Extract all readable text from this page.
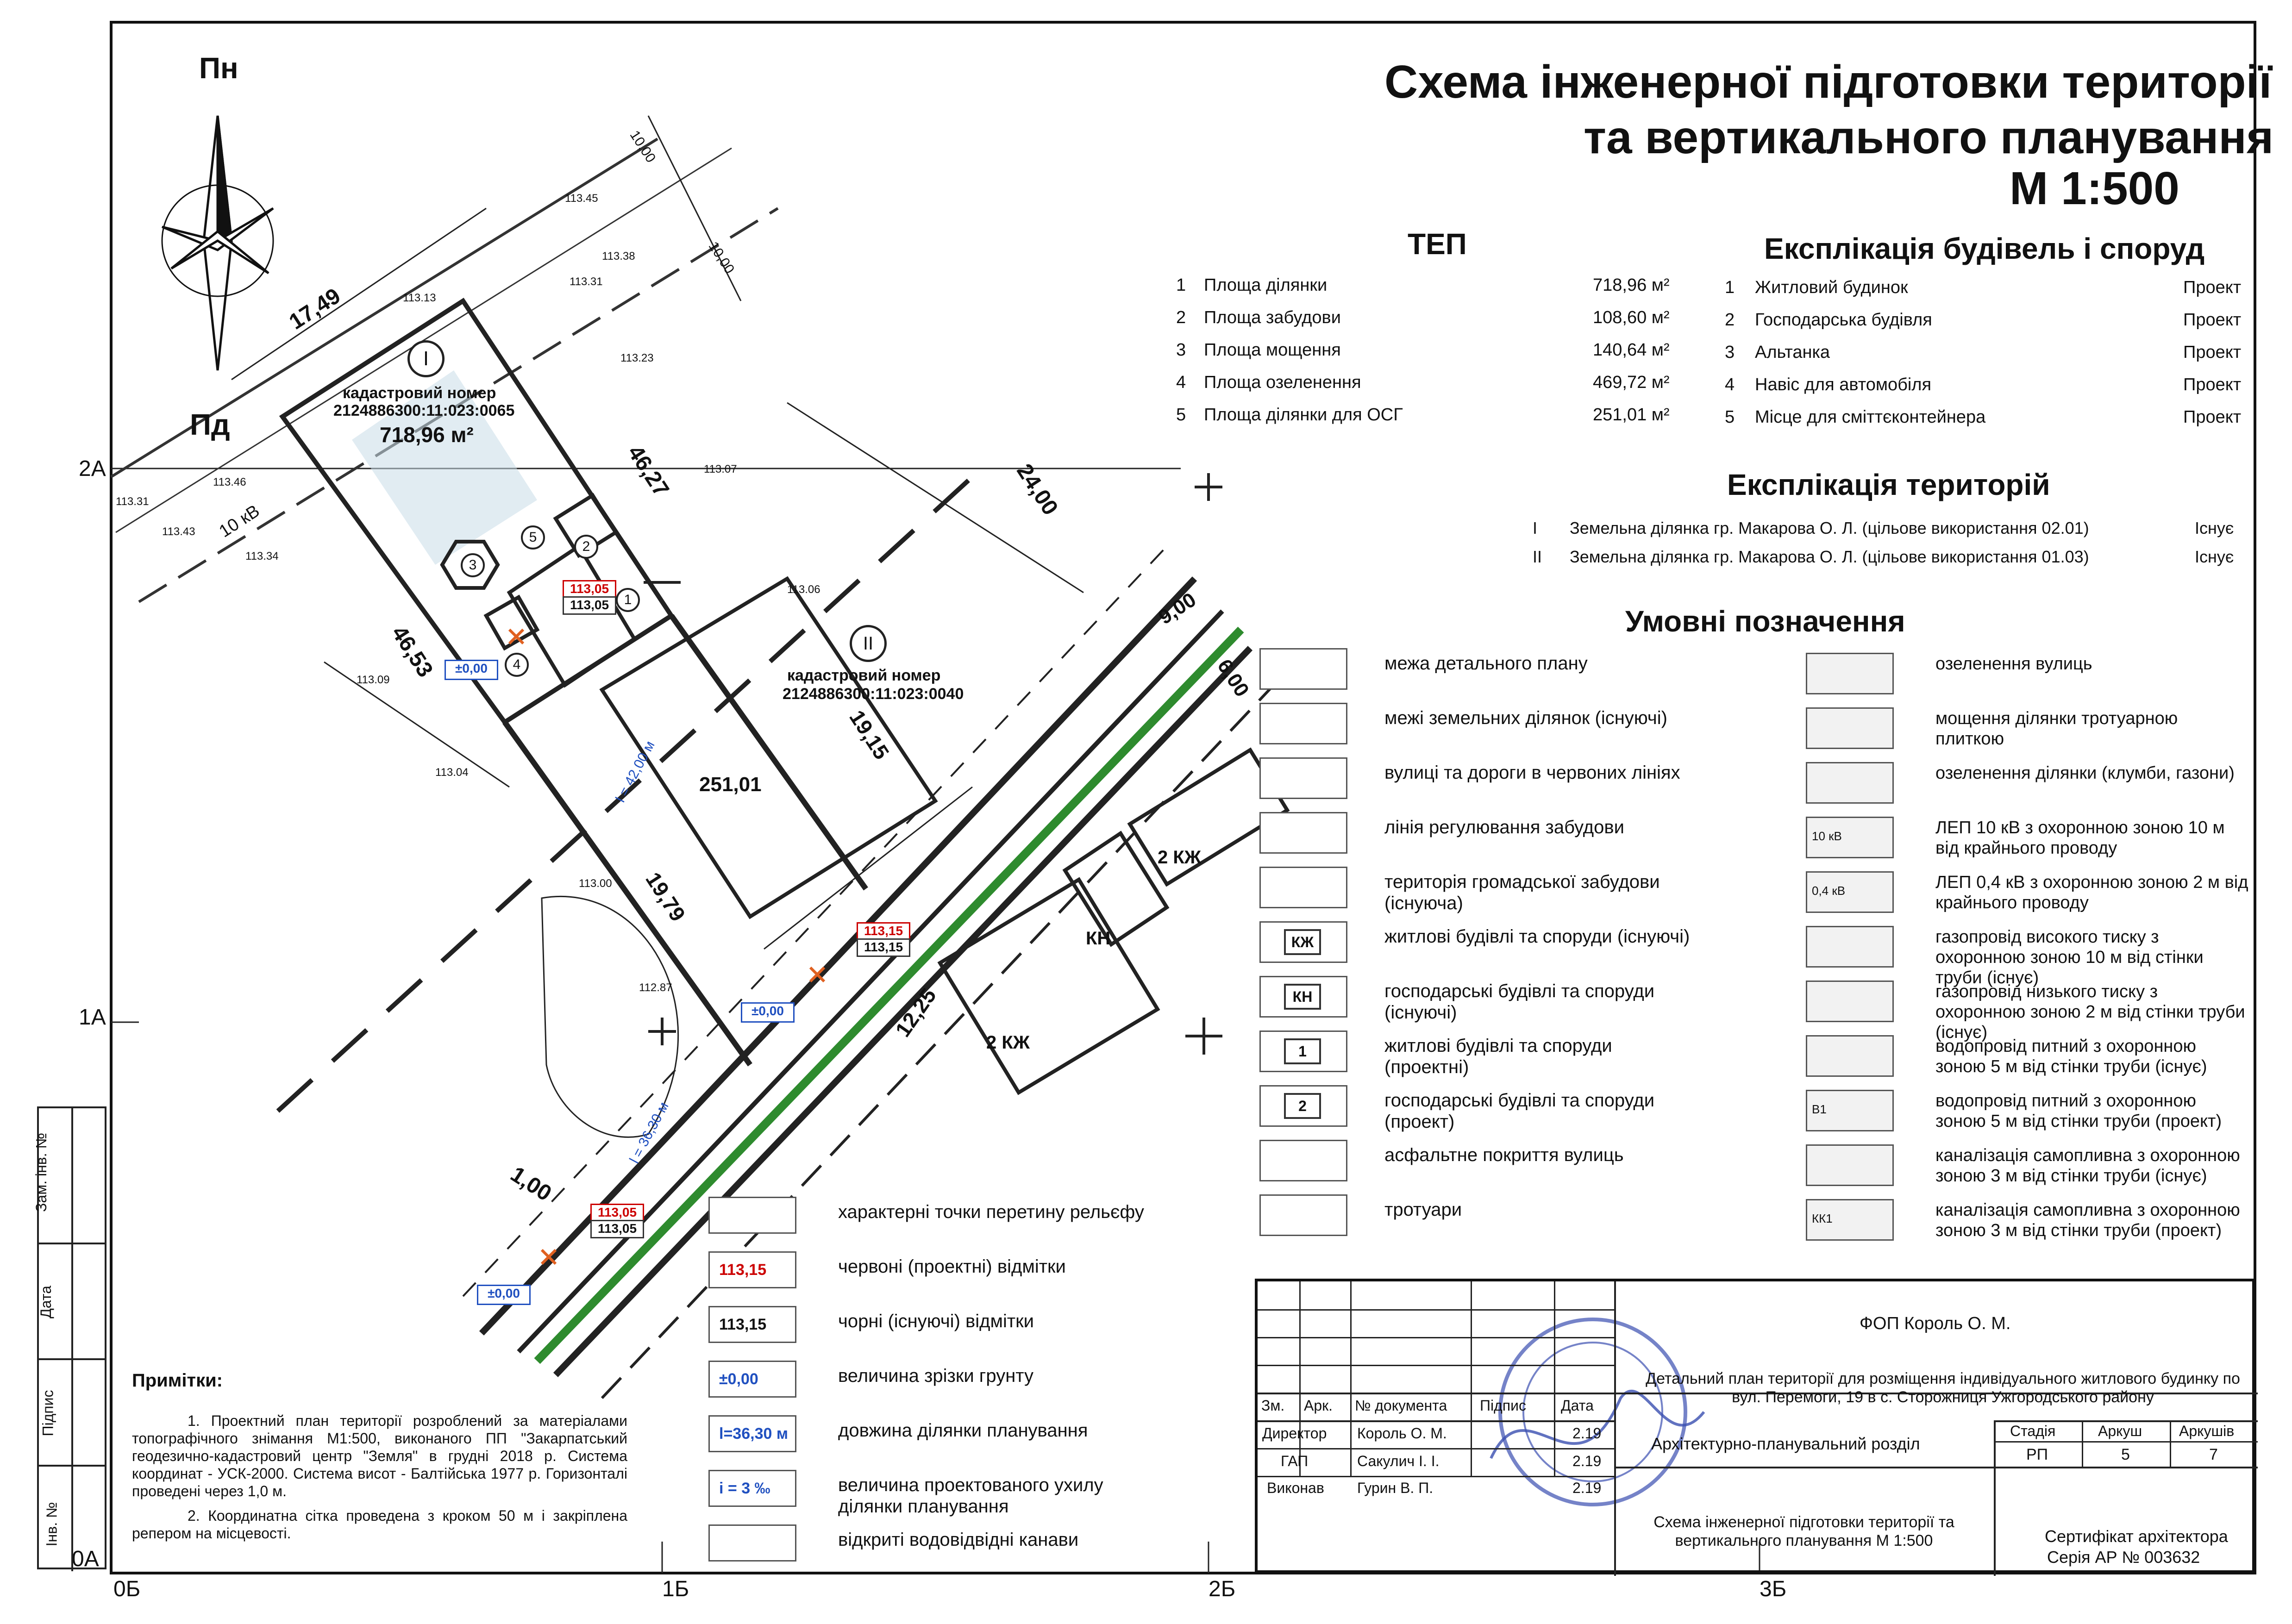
Схема інженерної підготовки території
та вертикального планування
М 1:500
Пн
Пд
2А
1А
0А
0Б	1Б	2Б	3Б
Зам. інв. №
Дата
Підпис
Інв. №
I
кадастровий номер
2124886300:11:023:0065
718,96 м²
II
кадастровий номер
2124886300:11:023:0040
251,01
17,49
46,27
46,53
24,00
19,15
19,79
9,00
6,00
10,00
10,00
1,00
12,25
113.45
113.38
113.31
113.23
113.13
113.07
113.31
113.46
113.43
113.34
113.09
113.04
113.06
113.00
112.87
113,05
113,05
113,15
113,15
113,05
113,05
±0,00
±0,00
±0,00
l = 42,00 м
l = 36,30 м
2 КЖ
2 КЖ
КН
10 кВ
1
2
3
4
5
ТЕП	Експлікація будівель і споруд
Експлікація територій
Умовні позначення
Примітки:
1. Проектний план території розроблений за матеріалами топографічного знімання М1:500, виконаного ПП "Закарпатський геодезично-кадастровий центр "Земля" в грудні 2018 р. Система координат - УСК-2000. Система висот - Балтійська 1977 р. Горизонталі проведені через 1,0 м.
2. Координатна сітка проведена з кроком 50 м і закріплена репером на місцевості.
ФОП Король О. М.
Детальний план території для розміщення індивідуального житлового будинку по вул. Перемоги, 19 в с. Сторожниця Ужгородського району
Зм. Арк. № документа Підпис Дата
Директор Король О. М.	2.19
ГАП	Сакулич І. І.	2.19
Виконав Гурин В. П.	2.19
Архітектурно-планувальний розділ
Стадія	Аркуш Аркушів
РП	5	7
Схема інженерної підготовки території та вертикального планування М 1:500	Сертифікат архітектора
Серія АР № 003632
1 Площа ділянки	718,96 м²
2 Площа забудови	108,60 м²
3 Площа мощення	140,64 м²
4 Площа озеленення	469,72 м²
5 Площа ділянки для ОСГ	251,01 м²
1 Житловий будинок	Проект
2 Господарська будівля	Проект
3 Альтанка	Проект
4 Навіс для автомобіля	Проект
5 Місце для сміттєконтейнера	Проект
I Земельна ділянка гр. Макарова О. Л. (цільове використання 02.01)	Існує
II Земельна ділянка гр. Макарова О. Л. (цільове використання 01.03)	Існує
межа детального плану
межі земельних ділянок (існуючі)
вулиці та дороги в червоних лініях
лінія регулювання забудови
територія громадської забудови (існуюча)
КЖ	житлові будівлі та споруди (існуючі)
КН	господарські будівлі та споруди (існуючі)
1	житлові будівлі та споруди (проектні)
2	господарські будівлі та споруди (проект)
асфальтне покриття вулиць
тротуари
озеленення вулиць
мощення ділянки тротуарною плиткою
озеленення ділянки (клумби, газони)
10 кВ	ЛЕП 10 кВ з охоронною зоною 10 м від крайнього проводу
0,4 кВ	ЛЕП 0,4 кВ з охоронною зоною 2 м від крайнього проводу
газопровід високого тиску з охоронною зоною 10 м від стінки труби (існує)
газопровід низького тиску з охоронною зоною 2 м від стінки труби (існує)
водопровід питний з охоронною зоною 5 м від стінки труби (існує)
В1	водопровід питний з охоронною зоною 5 м від стінки труби (проект)
каналізація самопливна з охоронною зоною 3 м від стінки труби (існує)
КК1	каналізація самопливна з охоронною зоною 3 м від стінки труби (проект)
характерні точки перетину рельєфу
113,15	червоні (проектні) відмітки
113,15	чорні (існуючі) відмітки
±0,00	величина зрізки грунту
l=36,30 м	довжина ділянки планування
i = 3 ‰	величина проектованого ухилу ділянки планування
відкриті водовідвідні канави
